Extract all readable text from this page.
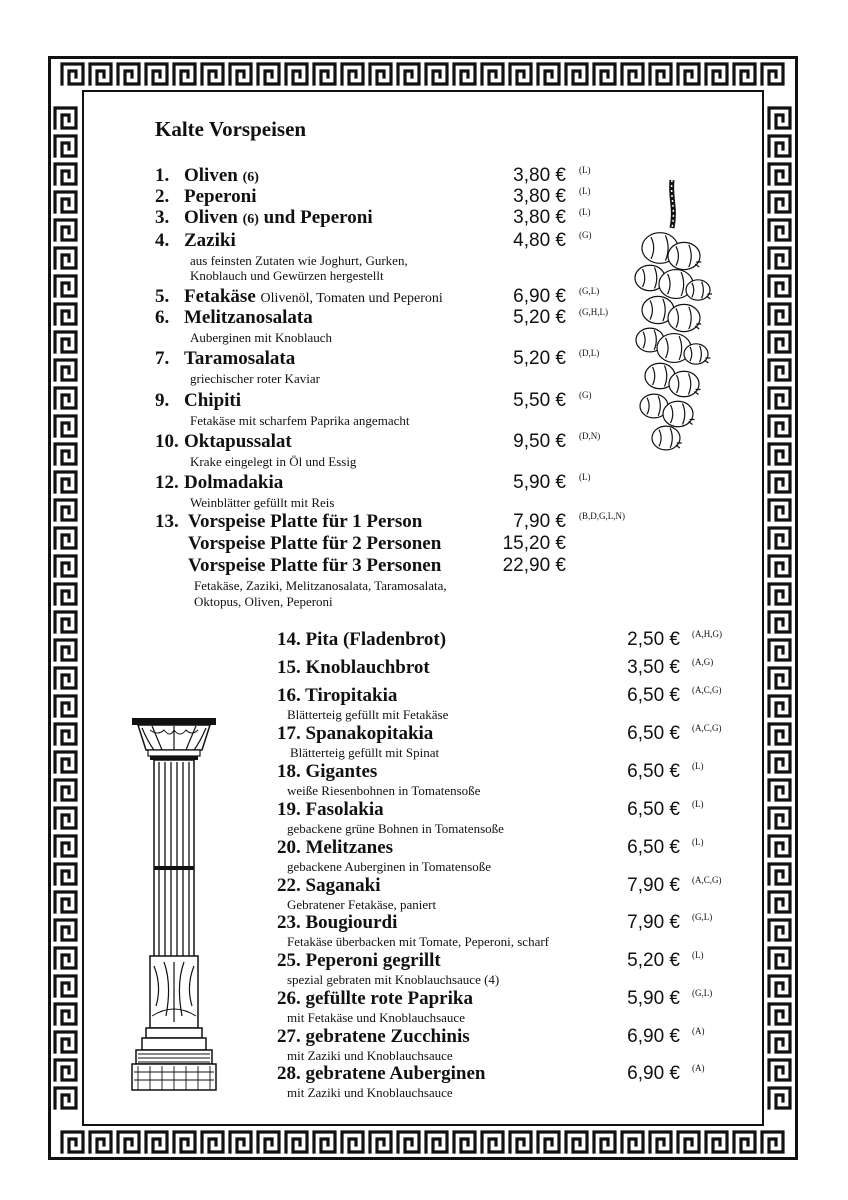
Kalte Vorspeisen
1. Oliven (6)	3,80 € (L)
2. Peperoni	3,80 € (L)
3. Oliven (6) und Peperoni	3,80 € (L)
4. Zaziki	4,80 € (G)
aus feinsten Zutaten wie Joghurt, Gurken,
Knoblauch und Gewürzen hergestellt
5. Fetakäse Olivenöl, Tomaten und Peperoni	6,90 € (G,L)
6. Melitzanosalata	5,20 € (G,H,L)
Auberginen mit Knoblauch
7. Taramosalata	5,20 € (D,L)
griechischer roter Kaviar
9. Chipiti	5,50 € (G)
Fetakäse mit scharfem Paprika angemacht
10. Oktapussalat	9,50 € (D,N)
Krake eingelegt in Öl und Essig
12. Dolmadakia	5,90 € (L)
Weinblätter gefüllt mit Reis
13. Vorspeise Platte für 1 Person	7,90 € (B,D,G,L,N)
Vorspeise Platte für 2 Personen	15,20 €
Vorspeise Platte für 3 Personen	22,90 €
Fetakäse, Zaziki, Melitzanosalata, Taramosalata,
Oktopus, Oliven, Peperoni
14. Pita (Fladenbrot)	2,50 € (A,H,G)
15. Knoblauchbrot	3,50 € (A,G)
16. Tiropitakia	6,50 € (A,C,G)
Blätterteig gefüllt mit Fetakäse
17. Spanakopitakia	6,50 € (A,C,G)
Blätterteig gefüllt mit Spinat
18. Gigantes	6,50 € (L)
weiße Riesenbohnen in Tomatensoße
19. Fasolakia	6,50 € (L)
gebackene grüne Bohnen in Tomatensoße
20. Melitzanes	6,50 € (L)
gebackene Auberginen in Tomatensoße
22. Saganaki	7,90 € (A,C,G)
Gebratener Fetakäse, paniert
23. Bougiourdi	7,90 € (G,L)
Fetakäse überbacken mit Tomate, Peperoni, scharf
25. Peperoni gegrillt	5,20 € (L)
spezial gebraten mit Knoblauchsauce (4)
26. gefüllte rote Paprika	5,90 € (G,L)
mit Fetakäse und Knoblauchsauce
27. gebratene Zucchinis	6,90 € (A)
mit Zaziki und Knoblauchsauce
28. gebratene Auberginen	6,90 € (A)
mit Zaziki und Knoblauchsauce
